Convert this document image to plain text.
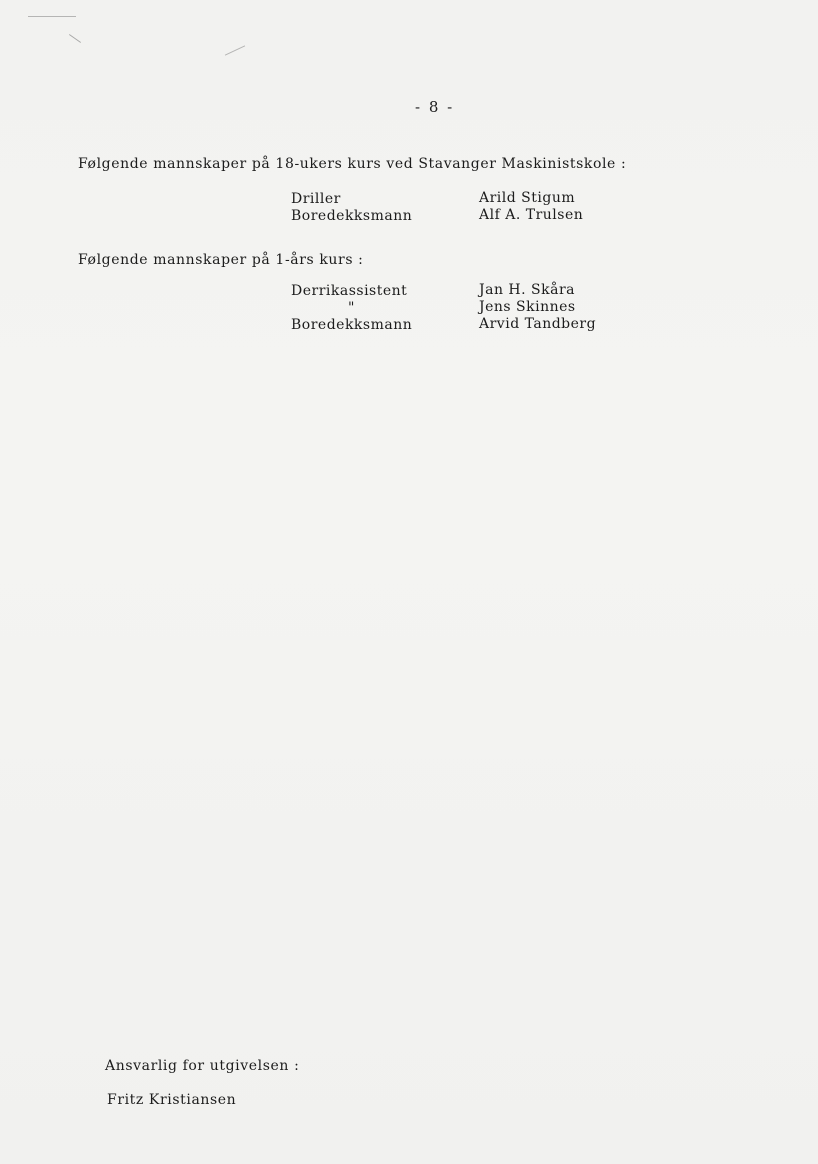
- 8 -
Følgende mannskaper på 18-ukers kurs ved Stavanger Maskinistskole :
Driller
Boredekksmann
Arild Stigum
Alf A. Trulsen
Følgende mannskaper på 1-års kurs :
Derrikassistent
"
Boredekksmann
Jan H. Skåra
Jens Skinnes
Arvid Tandberg
Ansvarlig for utgivelsen :
Fritz Kristiansen
